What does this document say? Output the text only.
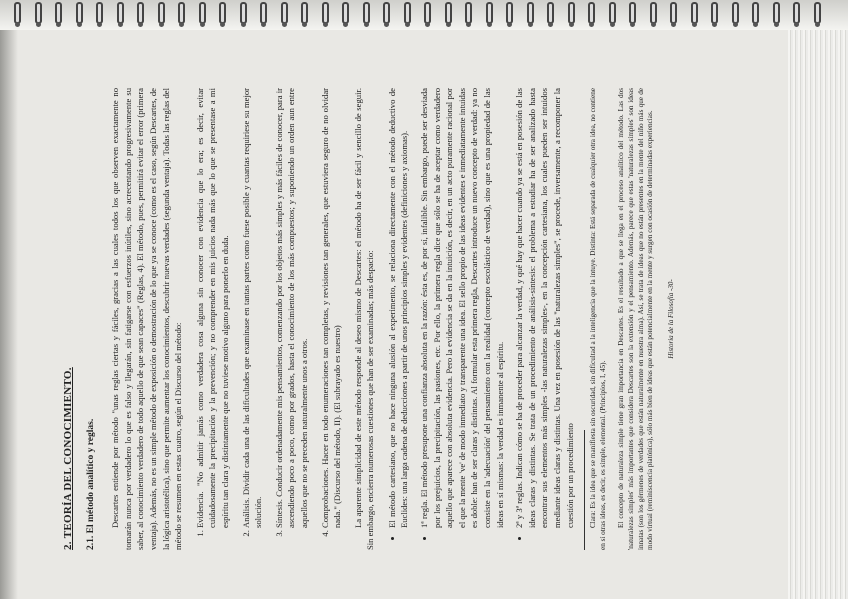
2. TEORÍA DEL CONOCIMIENTO. 2.1. El método analítico y reglas. Descartes entiende por método "unas reglas ciertas y fáciles, gracias a las cuales todos los que observen exactamente no tomarán nunca por verdadero lo que es falso y llegarán, sin fatigarse con esfuerzos inútiles, sino acrecentando progresivamente su saber, al conocimiento verdadero de todo aquello de que sean capaces" (Reglas, 4). El método, pues, permitirá evitar el error (primera ventaja). Además, no es un simple método de exposición o demostración de lo que ya se conoce (como es el caso, según Descartes, de la lógica aristotélica), sino que permite aumentar los conocimientos, descubrir nuevas verdades (segunda ventaja). Todas las reglas del método se resumen en estas cuatro, según el Discurso del método: 1. Evidencia. "No admitir jamás como verdadera cosa alguna sin conocer con evidencia que lo era; es decir, evitar cuidadosamente la precipitación y la prevención; y no comprender en mis juicios nada más que lo que se presentase a mi espíritu tan clara y distintamente que no tuviese motivo alguno para ponerlo en duda. 2. Análisis. Dividir cada una de las dificultades que examinase en tantas partes como fuese posible y cuantas requiriese su mejor solución. 3. Síntesis. Conducir ordenadamente mis pensamientos, comenzando por los objetos más simples y más fáciles de conocer, para ir ascendiendo poco a poco, como por grados, hasta el conocimiento de los más compuestos; y suponiendo un orden aun entre aquellos que no se preceden naturalmente unos a otros. 4. Comprobaciones. Hacer en todo enumeraciones tan completas, y revisiones tan generales, que estuviera seguro de no olvidar nada." (Discurso del método, II). (El subrayado es nuestro) La aparente simplicidad de este método responde al deseo mismo de Descartes: el método ha de ser fácil y sencillo de seguir. Sin embargo, encierra numerosas cuestiones que han de ser examinadas; más despacio: • El método cartesiano, que no hace ninguna alusión al experimento, se relaciona directamente con el método deductivo de Euclides: una larga cadena de deducciones a partir de unos principios simples y evidentes (definiciones y axiomas). • 1ª regla. El método presupone una confianza absoluta en la razón: ésta es, de por sí, infalible. Sin embargo, puede ser desviada por los prejuicios, la precipitación, las pasiones, etc. Por ello, la primera regla dice que sólo se ha de aceptar como verdadero aquello que aparece con absoluta evidencia. Pero la evidencia se da en la intuición, es decir, en un acto puramente racional por el que la mente 've' de modo inmediato y transparente una idea. El sello propio de las ideas evidentes e inmediatamente intuidas es doble: han de ser claras y distintas. Al formular esta primera regla, Descartes introduce un nuevo concepto de verdad: ya no consiste en la 'adecuación' del pensamiento con la realidad (concepto escolástico de verdad), sino que es una propiedad de las ideas en sí mismas: la verdad es inmanente al espíritu. • 2ª y 3ª reglas. Indican cómo se ha de proceder para alcanzar la verdad, y qué hay que hacer cuando ya se está en posesión de las ideas claras y distintas. Se trata de un procedimiento de análisis-síntesis: el problema a estudiar ha de ser analizado hasta encontrar sus elementos más simples -las naturalezas simples-, en la concepción cartesiana, los cuales pueden ser intuidos mediante ideas claras y distintas. Una vez en posesión de las "naturalezas simples", se procede, inversamente, a recomponer la cuestión por un procedimiento Clara: Es la idea que se manifiesta sin oscuridad, sin dificultad a la inteligencia que la intuye. Distinta: Está separada de cualquier otra idea, no contiene en sí otras ideas, es decir, es simple, elemental. (Principios, I, 45). El concepto de naturaleza simple tiene gran importancia en Descartes. Es el resultado a que se llega en el proceso analítico del método. Las dos 'naturalezas simples' más importantes que considera Descartes son la extensión y el pensamiento. Además, parece que estas 'naturalezas simples' son ideas innatas (son los gérmenes de verdades que están naturalmente en nuestra alma). Así, se trata de ideas que no están presentes en la mente del niño más que de modo virtual (reminiscencia platónica), sólo más bien de ideas que están potencialmente en la mente y surgen con ocasión de determinadas experiencias. Historia de la Filosofía -30-
